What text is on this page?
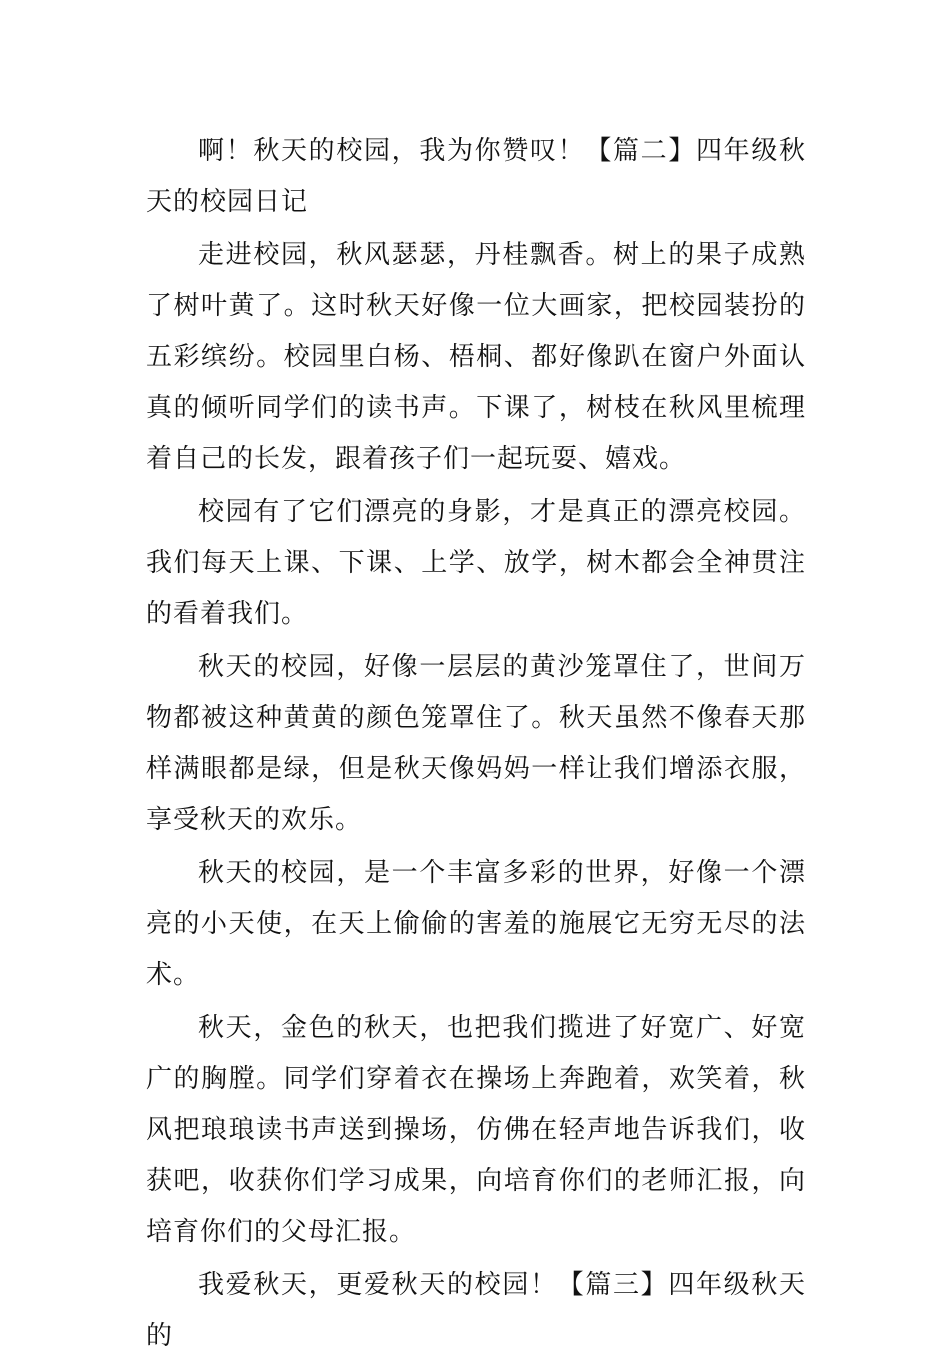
啊！秋天的校园，我为你赞叹！【篇二】四年级秋天的校园日记

走进校园，秋风瑟瑟，丹桂飘香。树上的果子成熟了树叶黄了。这时秋天好像一位大画家，把校园装扮的五彩缤纷。校园里白杨、梧桐、都好像趴在窗户外面认真的倾听同学们的读书声。下课了，树枝在秋风里梳理着自己的长发，跟着孩子们一起玩耍、嬉戏。

校园有了它们漂亮的身影，才是真正的漂亮校园。我们每天上课、下课、上学、放学，树木都会全神贯注的看着我们。

秋天的校园，好像一层层的黄沙笼罩住了，世间万物都被这种黄黄的颜色笼罩住了。秋天虽然不像春天那样满眼都是绿，但是秋天像妈妈一样让我们增添衣服，享受秋天的欢乐。

秋天的校园，是一个丰富多彩的世界，好像一个漂亮的小天使，在天上偷偷的害羞的施展它无穷无尽的法术。

秋天，金色的秋天，也把我们揽进了好宽广、好宽广的胸膛。同学们穿着衣在操场上奔跑着，欢笑着，秋风把琅琅读书声送到操场，仿佛在轻声地告诉我们，收获吧，收获你们学习成果，向培育你们的老师汇报，向培育你们的父母汇报。

我爱秋天，更爱秋天的校园！【篇三】四年级秋天的
